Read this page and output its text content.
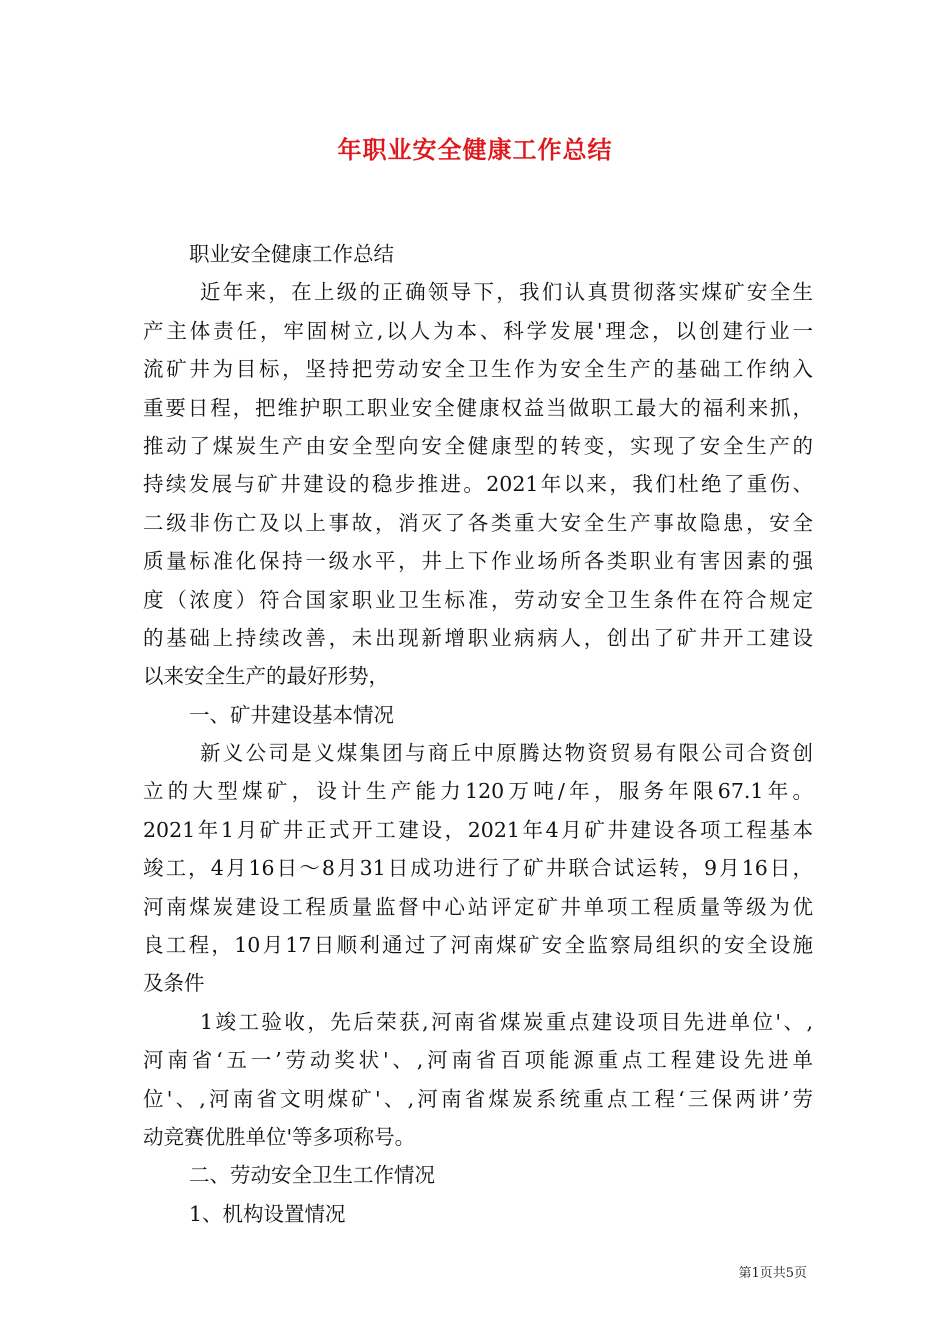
年职业安全健康工作总结
职业安全健康工作总结
近年来，在上级的正确领导下，我们认真贯彻落实煤矿安全生
产主体责任，牢固树立,以人为本、科学发展'理念，以创建行业一
流矿井为目标，坚持把劳动安全卫生作为安全生产的基础工作纳入
重要日程，把维护职工职业安全健康权益当做职工最大的福利来抓，
推动了煤炭生产由安全型向安全健康型的转变，实现了安全生产的
持续发展与矿井建设的稳步推进。2021年以来，我们杜绝了重伤、
二级非伤亡及以上事故，消灭了各类重大安全生产事故隐患，安全
质量标准化保持一级水平，井上下作业场所各类职业有害因素的强
度（浓度）符合国家职业卫生标准，劳动安全卫生条件在符合规定
的基础上持续改善，未出现新增职业病病人，创出了矿井开工建设
以来安全生产的最好形势，
一、矿井建设基本情况
新义公司是义煤集团与商丘中原腾达物资贸易有限公司合资创
立的大型煤矿，设计生产能力120万吨/年，服务年限67.1年。
2021年1月矿井正式开工建设，2021年4月矿井建设各项工程基本
竣工，4月16日～8月31日成功进行了矿井联合试运转，9月16日，
河南煤炭建设工程质量监督中心站评定矿井单项工程质量等级为优
良工程，10月17日顺利通过了河南煤矿安全监察局组织的安全设施
及条件
1竣工验收，先后荣获,河南省煤炭重点建设项目先进单位'、,
河南省‘五一’劳动奖状'、,河南省百项能源重点工程建设先进单
位'、,河南省文明煤矿'、,河南省煤炭系统重点工程‘三保两讲’劳
动竞赛优胜单位'等多项称号。
二、劳动安全卫生工作情况
1、机构设置情况
第1页共5页
